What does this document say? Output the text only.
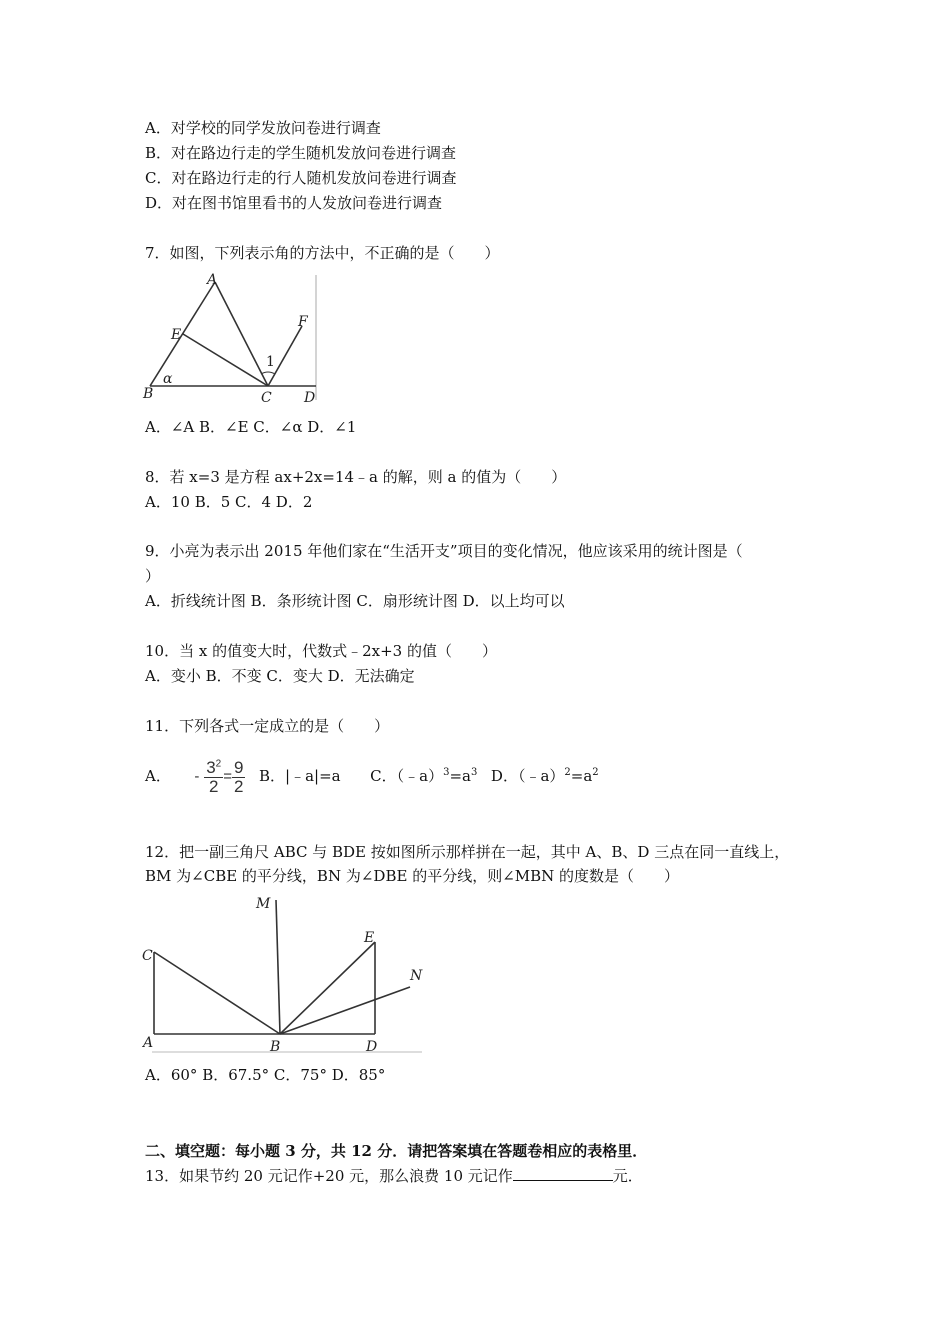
A．对学校的同学发放问卷进行调查
B．对在路边行走的学生随机发放问卷进行调查
C．对在路边行走的行人随机发放问卷进行调查
D．对在图书馆里看书的人发放问卷进行调查
7．如图，下列表示角的方法中，不正确的是（　　）
A
E
F
1
α
B	C D
A．∠A B．∠E C．∠α D．∠1
8．若 x=3 是方程 ax+2x=14﹣a 的解，则 a 的值为（　　）
A．10 B．5 C．4 D．2
9．小亮为表示出 2015 年他们家在“生活开支”项目的变化情况，他应该采用的统计图是（
）
A．折线统计图 B．条形统计图 C．扇形统计图 D．以上均可以
10．当 x 的值变大时，代数式﹣2x+3 的值（　　）
A．变小 B．不变 C．变大 D．无法确定
11．下列各式一定成立的是（　　）
A． - $\frac{3^2}{2} = \frac{9}{2}$ B．|﹣a|=a C．$(﹣a)^3=a^3$ D．$(﹣a)^2=a^2$
12．把一副三角尺 ABC 与 BDE 按如图所示那样拼在一起，其中 A、B、D 三点在同一直线上，
BM 为∠CBE 的平分线，BN 为∠DBE 的平分线，则∠MBN 的度数是（　　）
M
E
N
C
A	B	D
A．60° B．67.5° C．75° D．85°
二、填空题：每小题 3 分，共 12 分．请把答案填在答题卷相应的表格里．
13．如果节约 20 元记作+20 元，那么浪费 10 元记作	元．
